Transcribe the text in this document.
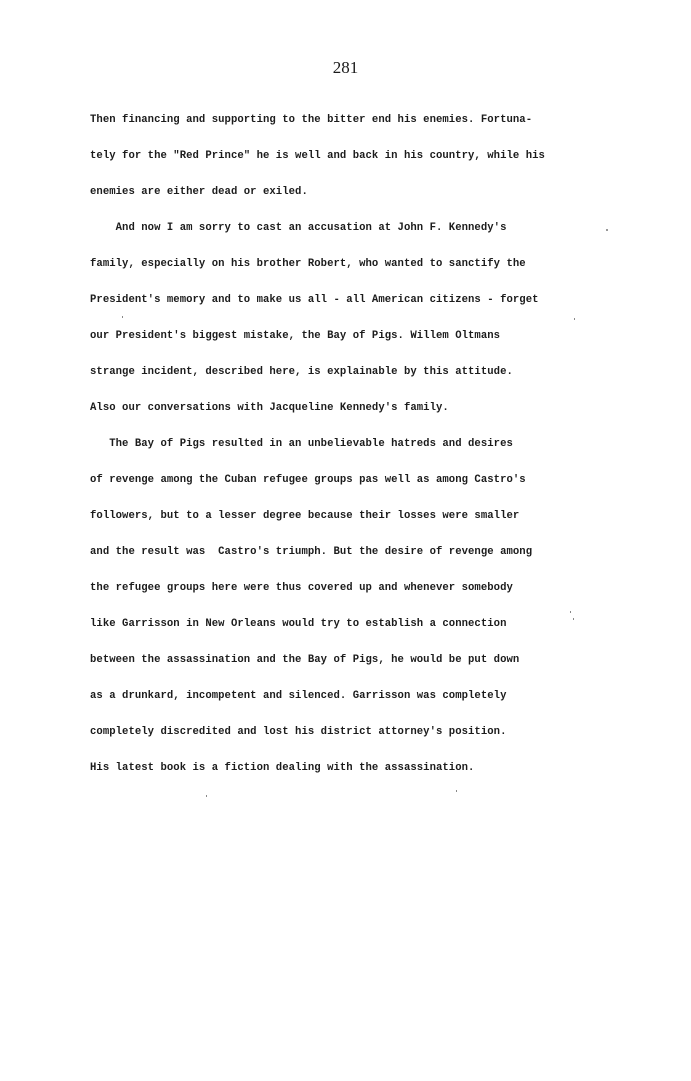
281
Then financing and supporting to the bitter end his enemies. Fortuna-
tely for the "Red Prince" he is well and back in his country, while his
enemies are either dead or exiled.
And now I am sorry to cast an accusation at John F. Kennedy's
family, especially on his brother Robert, who wanted to sanctify the
President's memory and to make us all - all American citizens - forget
our President's biggest mistake, the Bay of Pigs. Willem Oltmans
strange incident, described here, is explainable by this attitude.
Also our conversations with Jacqueline Kennedy's family.
The Bay of Pigs resulted in an unbelievable hatreds and desires
of revenge among the Cuban refugee groups pas well as among Castro's
followers, but to a lesser degree because their losses were smaller
and the result was  Castro's triumph. But the desire of revenge among
the refugee groups here were thus covered up and whenever somebody
like Garrisson in New Orleans would try to establish a connection
between the assassination and the Bay of Pigs, he would be put down
as a drunkard, incompetent and silenced. Garrisson was completely
completely discredited and lost his district attorney's position.
His latest book is a fiction dealing with the assassination.
